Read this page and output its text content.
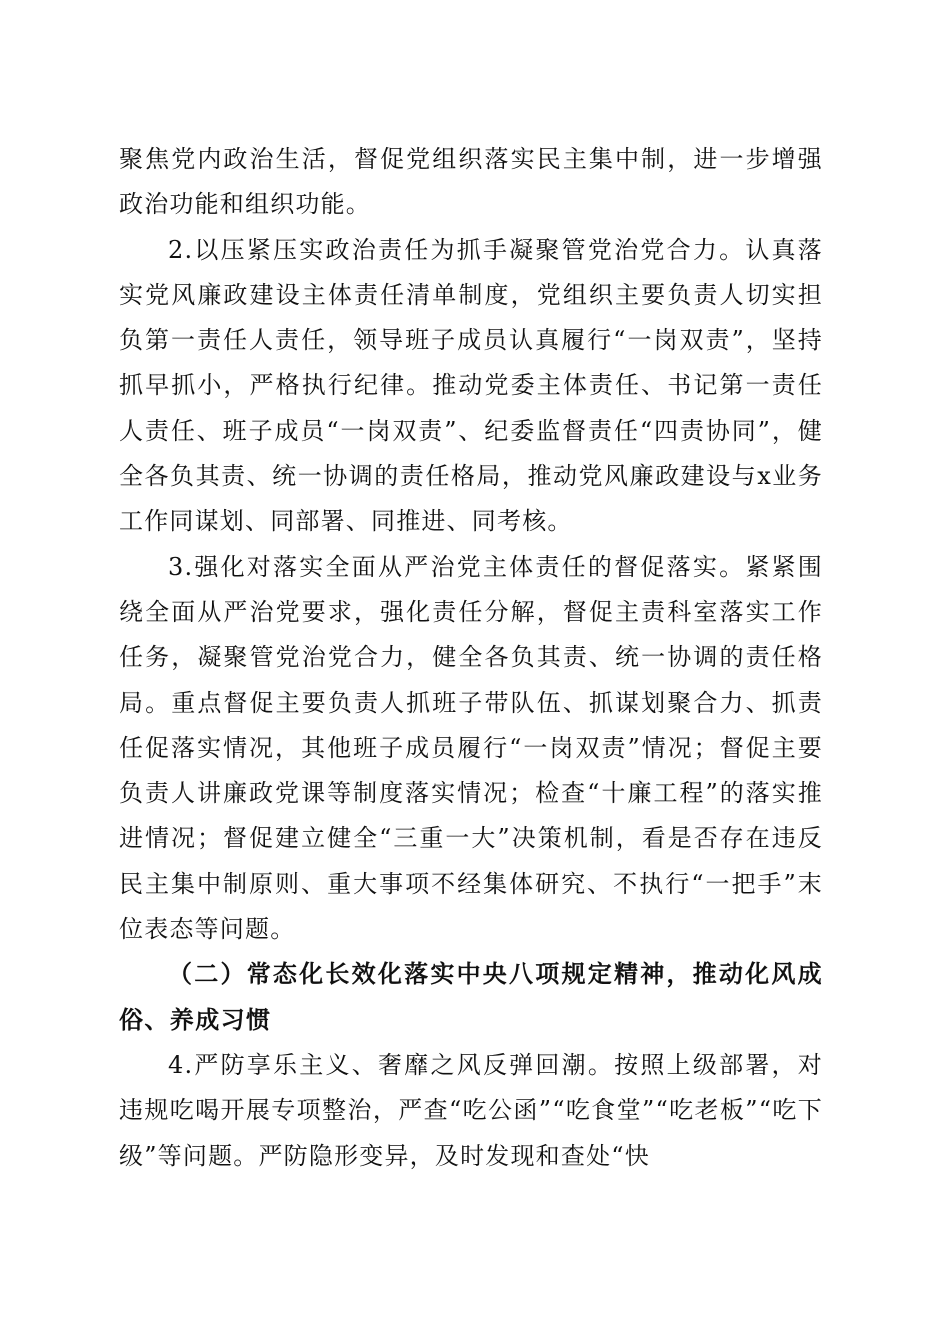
聚焦党内政治生活，督促党组织落实民主集中制，进一步增强政治功能和组织功能。

2.以压紧压实政治责任为抓手凝聚管党治党合力。认真落实党风廉政建设主体责任清单制度，党组织主要负责人切实担负第一责任人责任，领导班子成员认真履行“一岗双责”，坚持抓早抓小，严格执行纪律。推动党委主体责任、书记第一责任人责任、班子成员“一岗双责”、纪委监督责任“四责协同”，健全各负其责、统一协调的责任格局，推动党风廉政建设与x业务工作同谋划、同部署、同推进、同考核。

3.强化对落实全面从严治党主体责任的督促落实。紧紧围绕全面从严治党要求，强化责任分解，督促主责科室落实工作任务，凝聚管党治党合力，健全各负其责、统一协调的责任格局。重点督促主要负责人抓班子带队伍、抓谋划聚合力、抓责任促落实情况，其他班子成员履行“一岗双责”情况；督促主要负责人讲廉政党课等制度落实情况；检查“十廉工程”的落实推进情况；督促建立健全“三重一大”决策机制，看是否存在违反民主集中制原则、重大事项不经集体研究、不执行“一把手”末位表态等问题。

（二）常态化长效化落实中央八项规定精神，推动化风成俗、养成习惯

4.严防享乐主义、奢靡之风反弹回潮。按照上级部署，对违规吃喝开展专项整治，严查“吃公函”“吃食堂”“吃老板”“吃下级”等问题。严防隐形变异，及时发现和查处“快
